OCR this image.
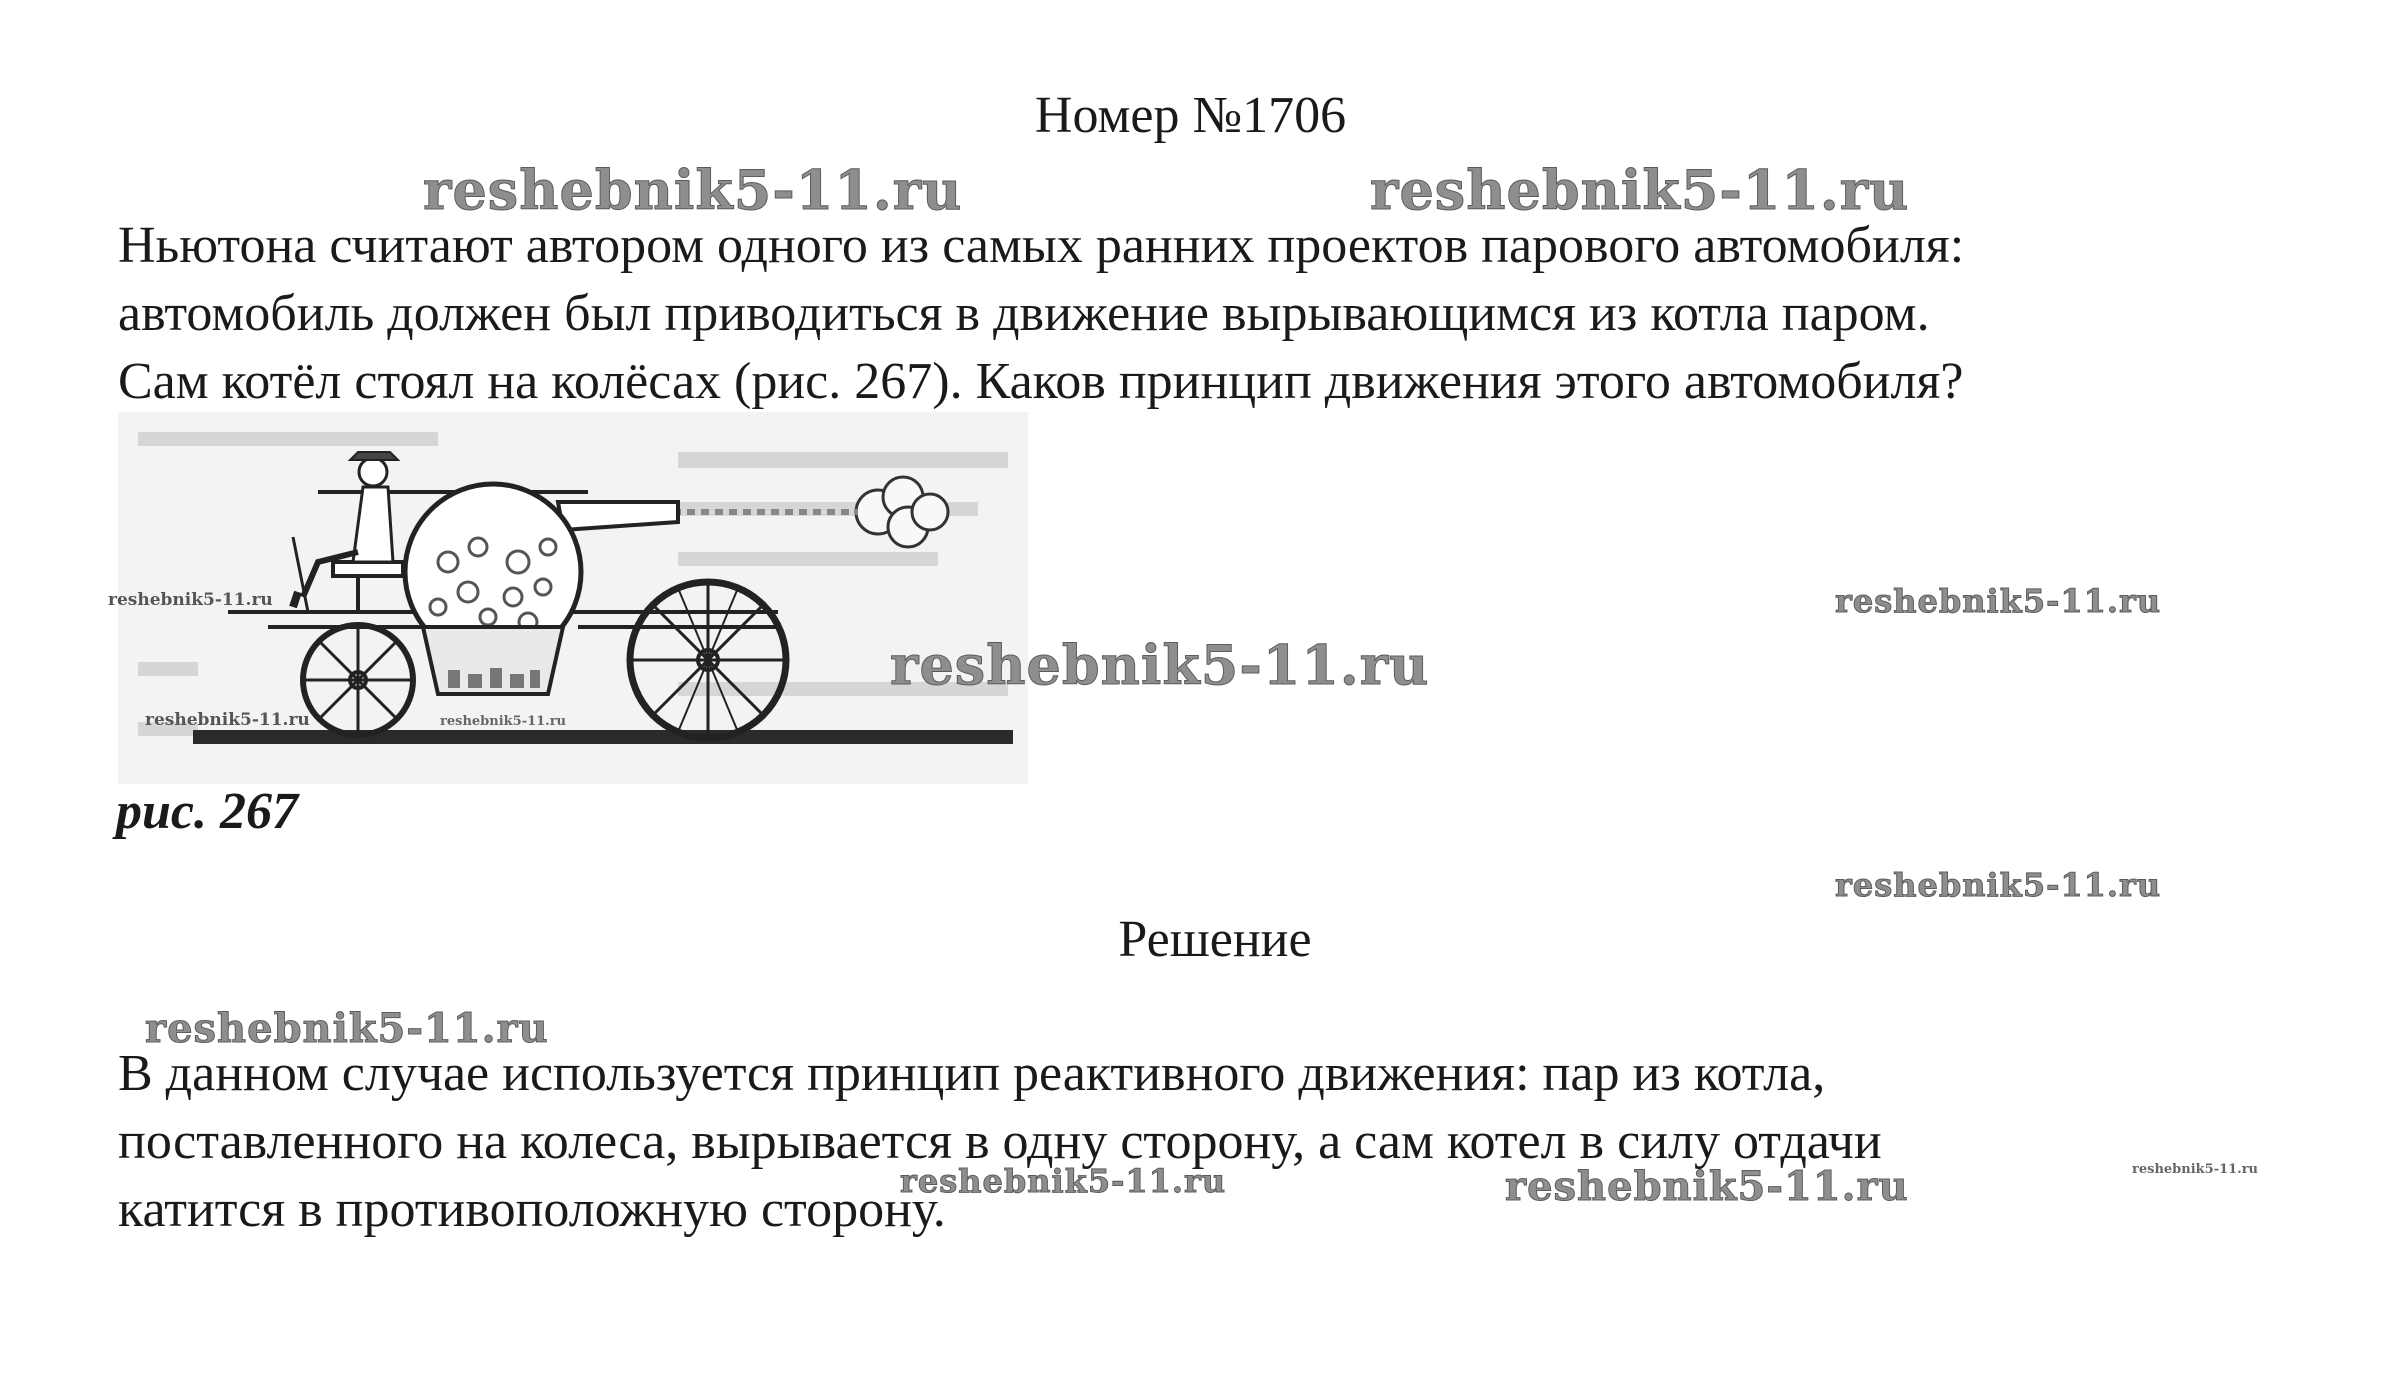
Номер №1706
Ньютона считают автором одного из самых ранних проектов парового автомобиля:
автомобиль должен был приводиться в движение вырывающимся из котла паром.
Сам котёл стоял на колёсах (рис. 267). Каков принцип движения этого автомобиля?
рис. 267
Решение
В данном случае используется принцип реактивного движения: пар из котла,
поставленного на колеса, вырывается в одну сторону, а сам котел в силу отдачи
катится в противоположную сторону.
reshebnik5-11.ru	reshebnik5-11.ru
reshebnik5-11.ru	reshebnik5-11.ru
reshebnik5-11.ru
reshebnik5-11.ru	reshebnik5-11.ru
reshebnik5-11.ru
reshebnik5-11.ru
reshebnik5-11.ru	reshebnik5-11.ru	reshebnik5-11.ru
